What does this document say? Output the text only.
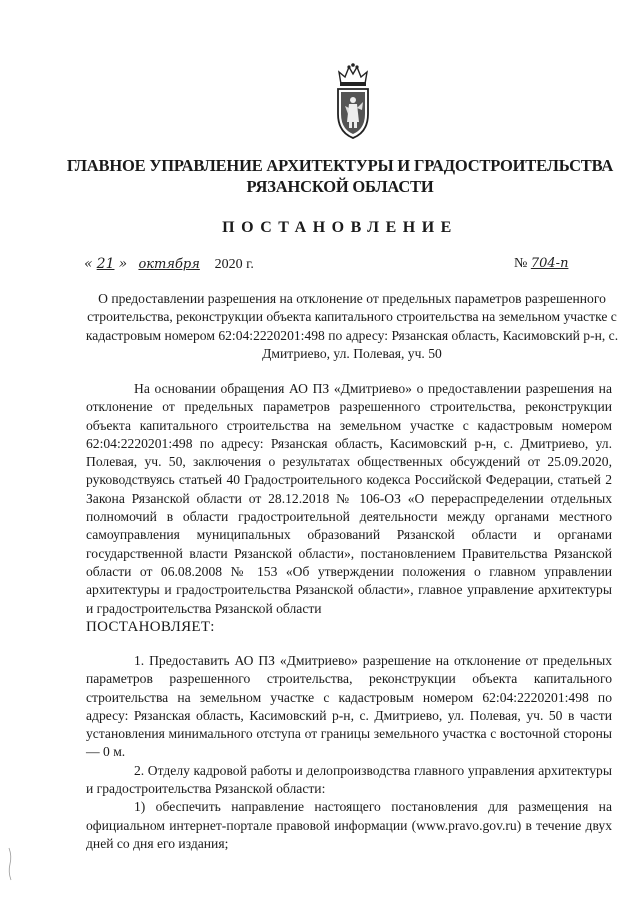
ГЛАВНОЕ УПРАВЛЕНИЕ АРХИТЕКТУРЫ И ГРАДОСТРОИТЕЛЬСТВА
РЯЗАНСКОЙ ОБЛАСТИ
ПОСТАНОВЛЕНИЕ
« 21 » октября 2020 г.	№ 704-п
О предоставлении разрешения на отклонение от предельных параметров разрешенного строительства, реконструкции объекта капитального строительства на земельном участке с кадастровым номером 62:04:2220201:498 по адресу: Рязанская область, Касимовский р-н, с. Дмитриево, ул. Полевая, уч. 50

На основании обращения АО ПЗ «Дмитриево» о предоставлении разрешения на отклонение от предельных параметров разрешенного строительства, реконструкции объекта капитального строительства на земельном участке с кадастровым номером 62:04:2220201:498 по адресу: Рязанская область, Касимовский р-н, с. Дмитриево, ул. Полевая, уч. 50, заключения о результатах общественных обсуждений от 25.09.2020, руководствуясь статьей 40 Градостроительного кодекса Российской Федерации, статьей 2 Закона Рязанской области от 28.12.2018 № 106-ОЗ «О перераспределении отдельных полномочий в области градостроительной деятельности между органами местного самоуправления муниципальных образований Рязанской области и органами государственной власти Рязанской области», постановлением Правительства Рязанской области от 06.08.2008 № 153 «Об утверждении положения о главном управлении архитектуры и градостроительства Рязанской области», главное управление архитектуры и градостроительства Рязанской области

ПОСТАНОВЛЯЕТ:

1. Предоставить АО ПЗ «Дмитриево» разрешение на отклонение от предельных параметров разрешенного строительства, реконструкции объекта капитального строительства на земельном участке с кадастровым номером 62:04:2220201:498 по адресу: Рязанская область, Касимовский р-н, с. Дмитриево, ул. Полевая, уч. 50 в части установления минимального отступа от границы земельного участка с восточной стороны — 0 м.

2. Отделу кадровой работы и делопроизводства главного управления архитектуры и градостроительства Рязанской области:

1) обеспечить направление настоящего постановления для размещения на официальном интернет-портале правовой информации (www.pravo.gov.ru) в течение двух дней со дня его издания;
